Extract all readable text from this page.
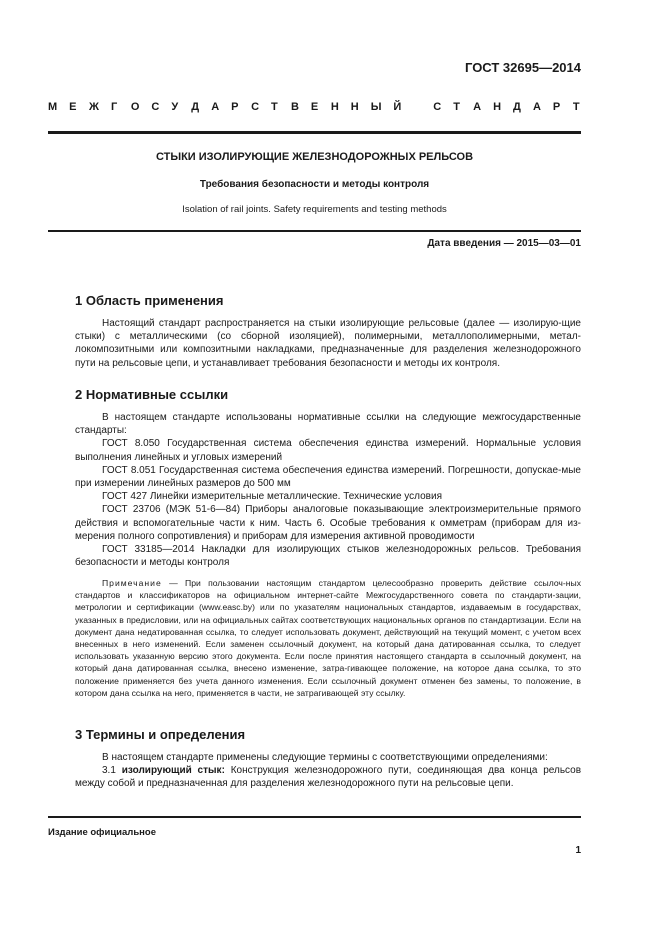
ГОСТ 32695—2014
М Е Ж Г О С У Д А Р С Т В Е Н Н Ы Й	С Т А Н Д А Р Т
СТЫКИ ИЗОЛИРУЮЩИЕ ЖЕЛЕЗНОДОРОЖНЫХ РЕЛЬСОВ
Требования безопасности и методы контроля
Isolation of rail joints. Safety requirements and testing methods
Дата введения — 2015—03—01
1 Область применения

Настоящий стандарт распространяется на стыки изолирующие рельсовые (далее — изолирую-щие стыки) с металлическими (со сборной изоляцией), полимерными, металлополимерными, метал-локомпозитными или композитными накладками, предназначенные для разделения железнодорожного пути на рельсовые цепи, и устанавливает требования безопасности и методы их контроля.

2 Нормативные ссылки

В настоящем стандарте использованы нормативные ссылки на следующие межгосударственные стандарты:

ГОСТ 8.050 Государственная система обеспечения единства измерений. Нормальные условия выполнения линейных и угловых измерений

ГОСТ 8.051 Государственная система обеспечения единства измерений. Погрешности, допускае-мые при измерении линейных размеров до 500 мм

ГОСТ 427 Линейки измерительные металлические. Технические условия

ГОСТ 23706 (МЭК 51-6—84) Приборы аналоговые показывающие электроизмерительные прямого действия и вспомогательные части к ним. Часть 6. Особые требования к омметрам (приборам для из-мерения полного сопротивления) и приборам для измерения активной проводимости

ГОСТ 33185—2014 Накладки для изолирующих стыков железнодорожных рельсов. Требования безопасности и методы контроля

Примечание — При пользовании настоящим стандартом целесообразно проверить действие ссылоч-ных стандартов и классификаторов на официальном интернет-сайте Межгосударственного совета по стандарти-зации, метрологии и сертификации (www.easc.by) или по указателям национальных стандартов, издаваемым в государствах, указанных в предисловии, или на официальных сайтах соответствующих национальных органов по стандартизации. Если на документ дана недатированная ссылка, то следует использовать документ, действующий на текущий момент, с учетом всех внесенных в него изменений. Если заменен ссылочный документ, на который дана датированная ссылка, то следует использовать указанную версию этого документа. Если после принятия настоящего стандарта в ссылочный документ, на который дана датированная ссылка, внесено изменение, затра-гивающее положение, на которое дана ссылка, то это положение применяется без учета данного изменения. Если ссылочный документ отменен без замены, то положение, в котором дана ссылка на него, применяется в части, не затрагивающей эту ссылку.

3 Термины и определения

В настоящем стандарте применены следующие термины с соответствующими определениями:

3.1 изолирующий стык: Конструкция железнодорожного пути, соединяющая два конца рельсов между собой и предназначенная для разделения железнодорожного пути на рельсовые цепи.

Издание официальное
1
